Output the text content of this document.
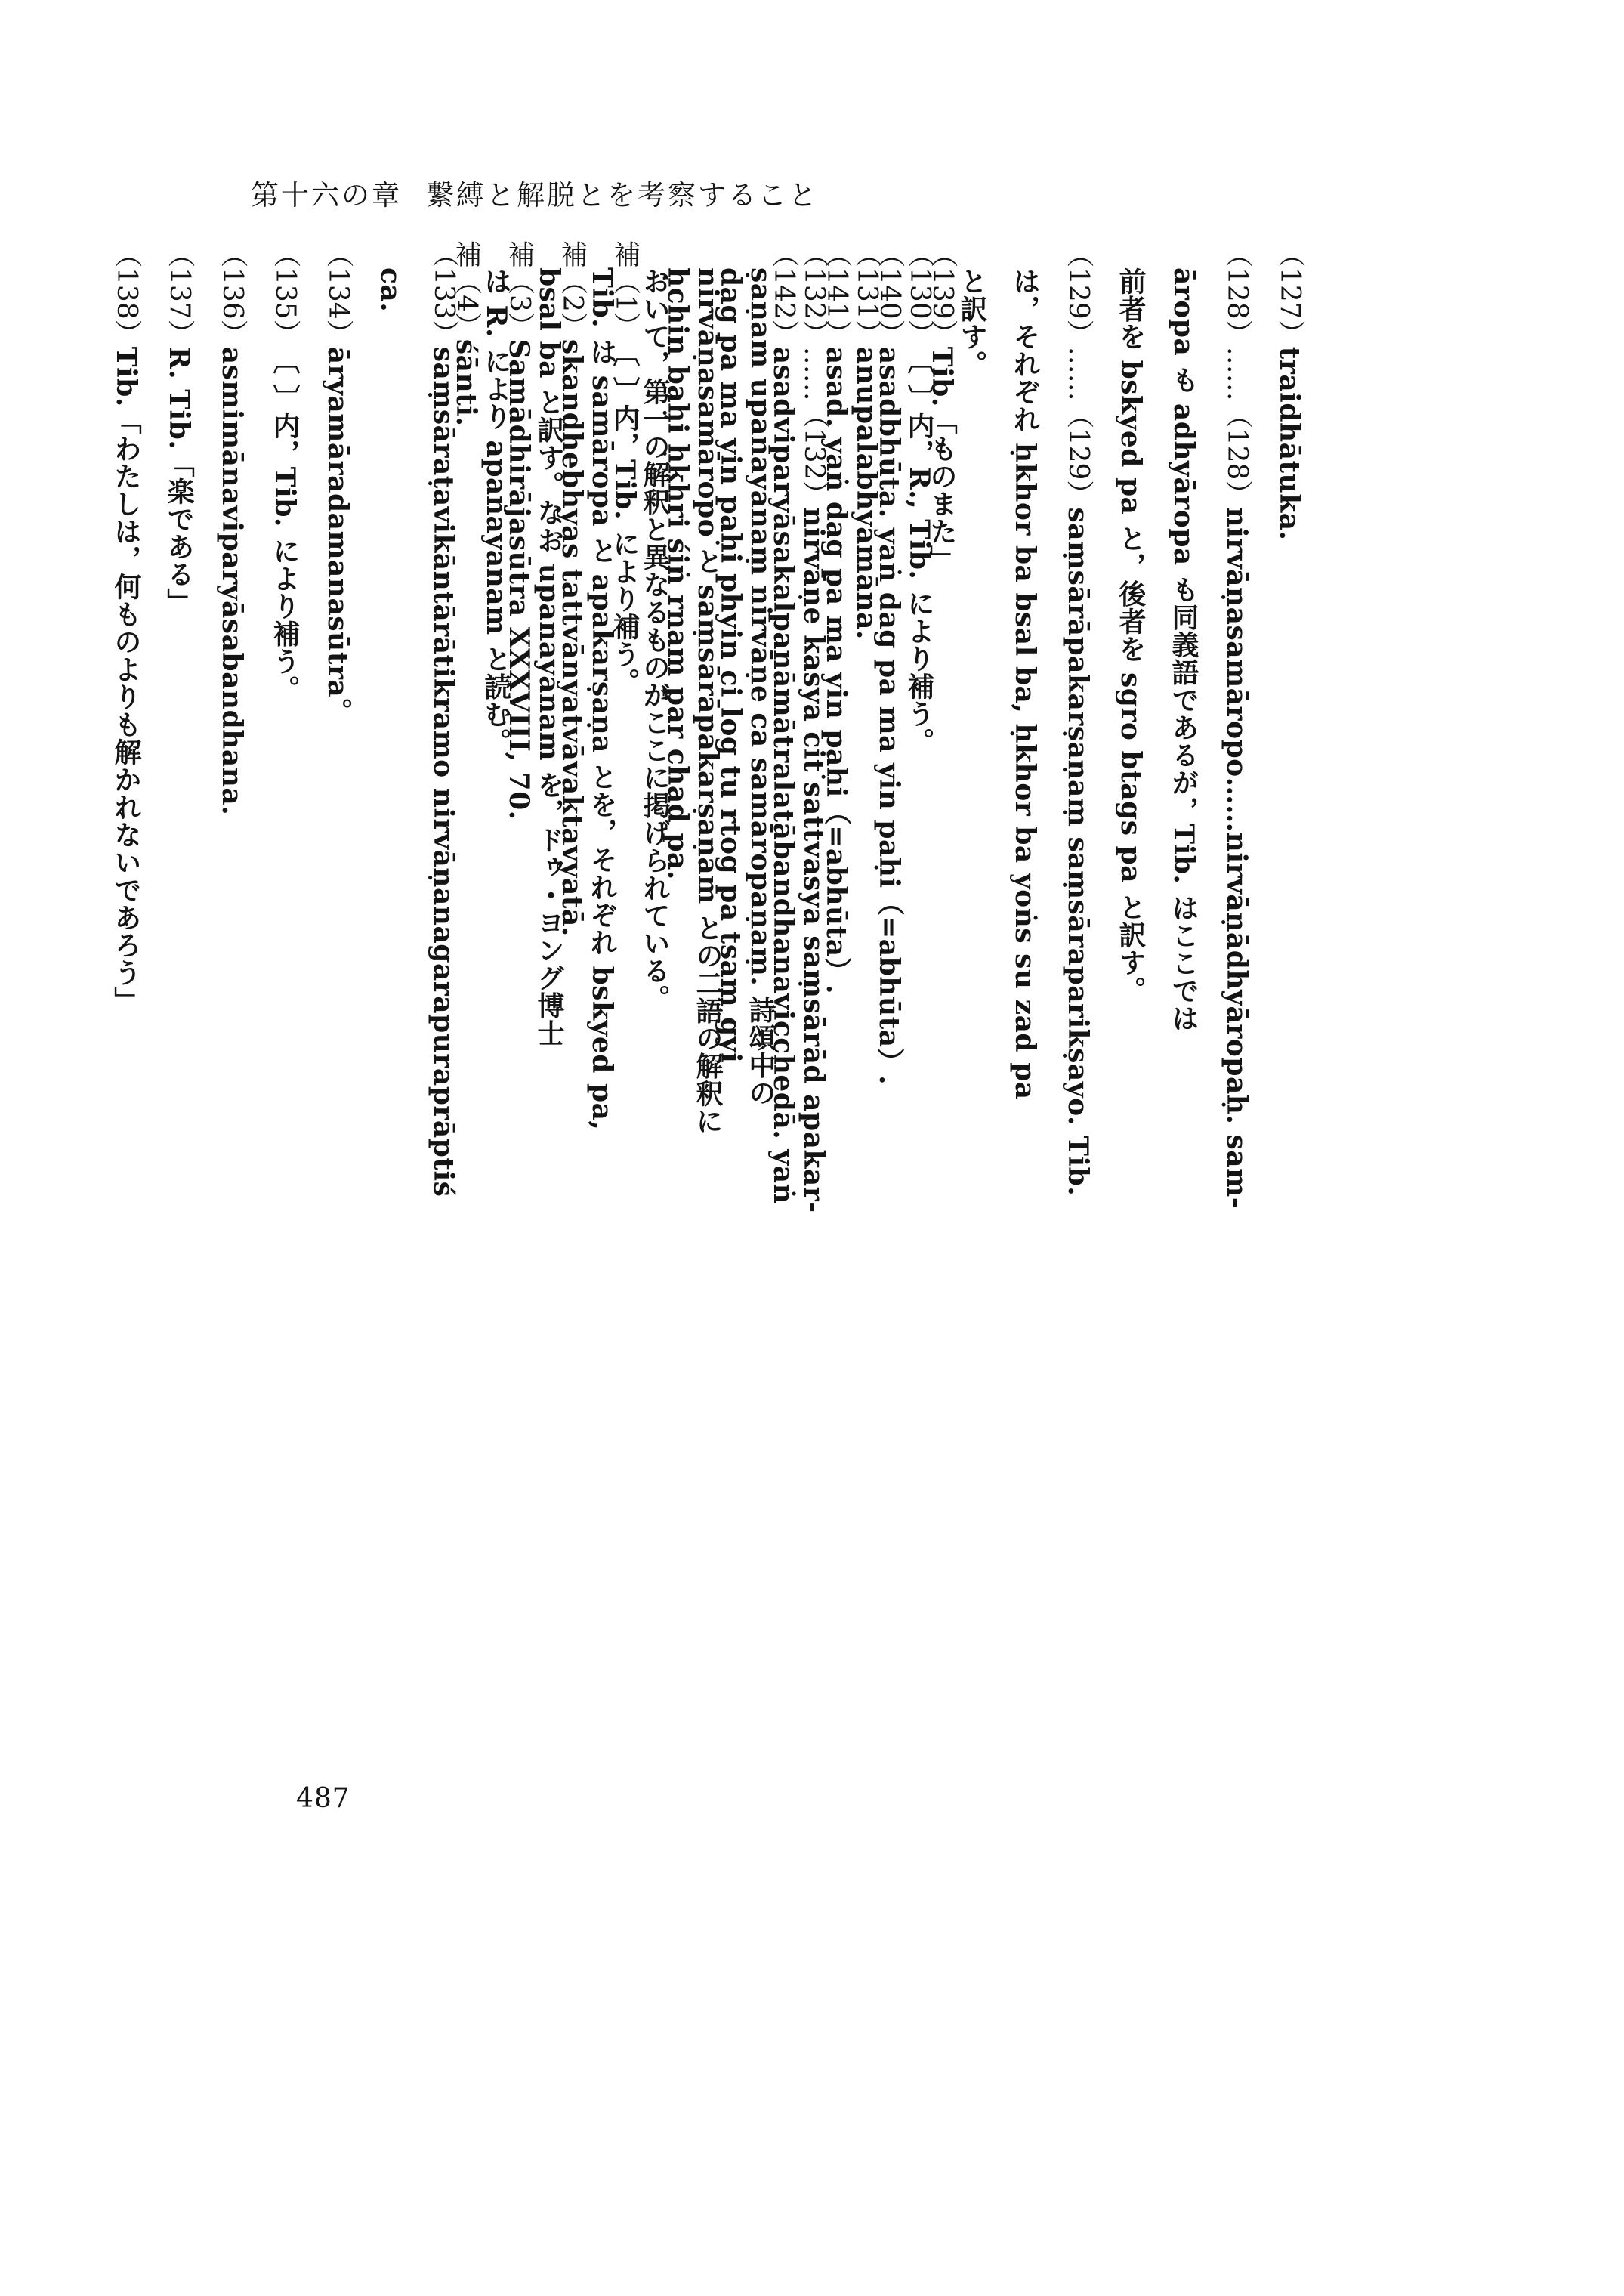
第十六の章 繋縛と解脱とを考察すること
（127）traidhātuka.
（128）……（128）nirvāṇasamāropo……nirvāṇādhyāropaḥ. sam-
āropa も adhyāropa も同義語であるが，Tib. はここでは
前者を bskyed pa と，後者を sgro btags pa と訳す。
（129）……（129）saṃsārāpakarṣaṇaṃ saṃsāraparikṣayo. Tib.
は，それぞれ ḥkhor ba bsal ba, ḥkhor ba yoṅs su zad pa
と訳す。
（130）〔 〕内，R., Tib. により補う。
（131）anupalabhyamāna.
（132）……（132）nirvāṇe kasya cit sattvasya saṃsārād apakar-
ṣaṇam upanayanaṃ nirvāṇe ca samāropaṇaṃ. 詩頌中の
nirvāṇasamāropo と saṃsārāpakarṣaṇam との二語の解釈に
おいて，第一の解釈と異なるものがここに掲げられている。
Tib. は samāropa と apakarṣaṇa とを，それぞれ bskyed pa,
bsal ba と訳す。なお upanayanam を，ドゥ・ヨング博士
は R. により apanayanam と読む。
（133）saṃsāraṭavikāntārātikramo nirvāṇanagarapuraprāptiś
ca.
（134）āryamāradamanasūtra。
（135）〔 〕内，Tib. により補う。
（136）asmimānaviparyāsabandhana.
（137）R. Tib.「楽である」
（138）Tib.「わたしは，何ものよりも解かれないであろう」
（139）Tib.「ものまた」
（140）asadbhūta. yaṅ dag pa ma yin paḥi（=abhūta）.
（141）asad. yaṅ dag pa ma yin paḥi（=abhūta）.
（142）asadviparyāsakalpanāmātralatābandhanavicchedā. yaṅ
dag pa ma yin paḥi phyin ci log tu rtog pa tsam gyi
ḥchin baḥi ḥkhri śiṅ rnam par chad pa.
補（1）〔 〕内，Tib. により補う。
補（2）skandhebhyas tattvānyatvāvaktavyatā.
補（3）Samādhirājasūtra XXXVIII, 70.
補（4）śānti.
487
